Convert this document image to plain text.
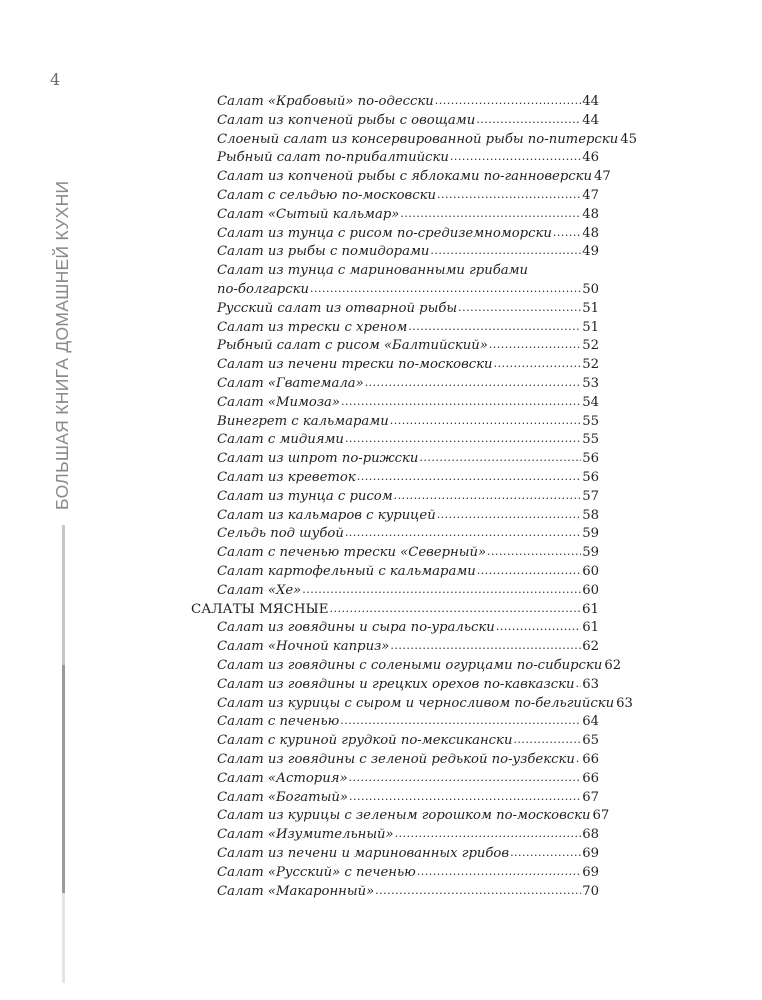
4
БОЛЬШАЯ КНИГА ДОМАШНЕЙ КУХНИ
Салат «Крабовый» по-одесски .....	44
Салат из копченой рыбы с овощами .....	44
Слоеный салат из консервированной рыбы по-питерски 45
Рыбный салат по-прибалтийски .....	46
Салат из копченой рыбы с яблоками по-ганноверски 47
Салат с сельдью по-московски .....	47
Салат «Сытый кальмар» .....	48
Салат из тунца с рисом по-средиземноморски ..... 48
Салат из рыбы с помидорами .....	49
Салат из тунца с маринованными грибами
по-болгарски .....	50
Русский салат из отварной рыбы .....	51
Салат из трески с хреном .....	51
Рыбный салат с рисом «Балтийский» .....	52
Салат из печени трески по-московски .....	52
Салат «Гватемала» .....	53
Салат «Мимоза» .....	54
Винегрет с кальмарами .....	55
Салат с мидиями .....	55
Салат из шпрот по-рижски .....	56
Салат из креветок .....	56
Салат из тунца с рисом .....	57
Салат из кальмаров с курицей .....	58
Сельдь под шубой .....	59
Салат с печенью трески «Северный» .....	59
Салат картофельный с кальмарами .....	60
Салат «Хе» .....	60
САЛАТЫ МЯСНЫЕ .....	61
Салат из говядины и сыра по-уральски .....	61
Салат «Ночной каприз» .....	62
Салат из говядины с солеными огурцами по-сибирски 62
Салат из говядины и грецких орехов по-кавказски ..... 63
Салат из курицы с сыром и черносливом по-бельгийски 63
Салат с печенью .....	64
Салат с куриной грудкой по-мексикански .....	65
Салат из говядины с зеленой редькой по-узбекски ..... 66
Салат «Астория» .....	66
Салат «Богатый» .....	67
Салат из курицы с зеленым горошком по-московски 67
Салат «Изумительный» .....	68
Салат из печени и маринованных грибов .....	69
Салат «Русский» с печенью .....	69
Салат «Макаронный» .....	70
